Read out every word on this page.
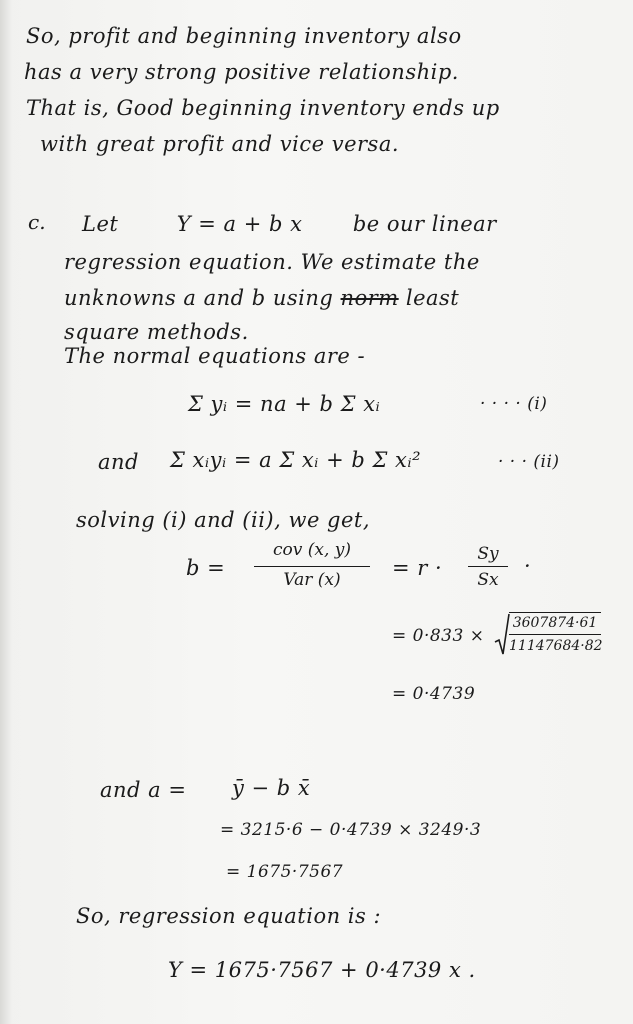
So, profit and beginning inventory also
has a very strong positive relationship.
That is, Good beginning inventory ends up
with great profit and vice versa.
c. Let	Y = a + b x be our linear
regression equation. We estimate the
unknowns a and b using norm least
square methods.
The normal equations are -
Σ yᵢ = na + b Σ xᵢ	· · · · (i)
and Σ xᵢyᵢ = a Σ xᵢ + b Σ xᵢ²	· · · (ii)
solving (i) and (ii), we get,
b =
cov (x, y)
Var (x)	= r ·
Sy
Sx
·
= 0·833 ×
3607874·61
11147684·82
= 0·4739
and a = ȳ − b x̄
= 3215·6 − 0·4739 × 3249·3
= 1675·7567
So, regression equation is :
Y = 1675·7567 + 0·4739 x .
